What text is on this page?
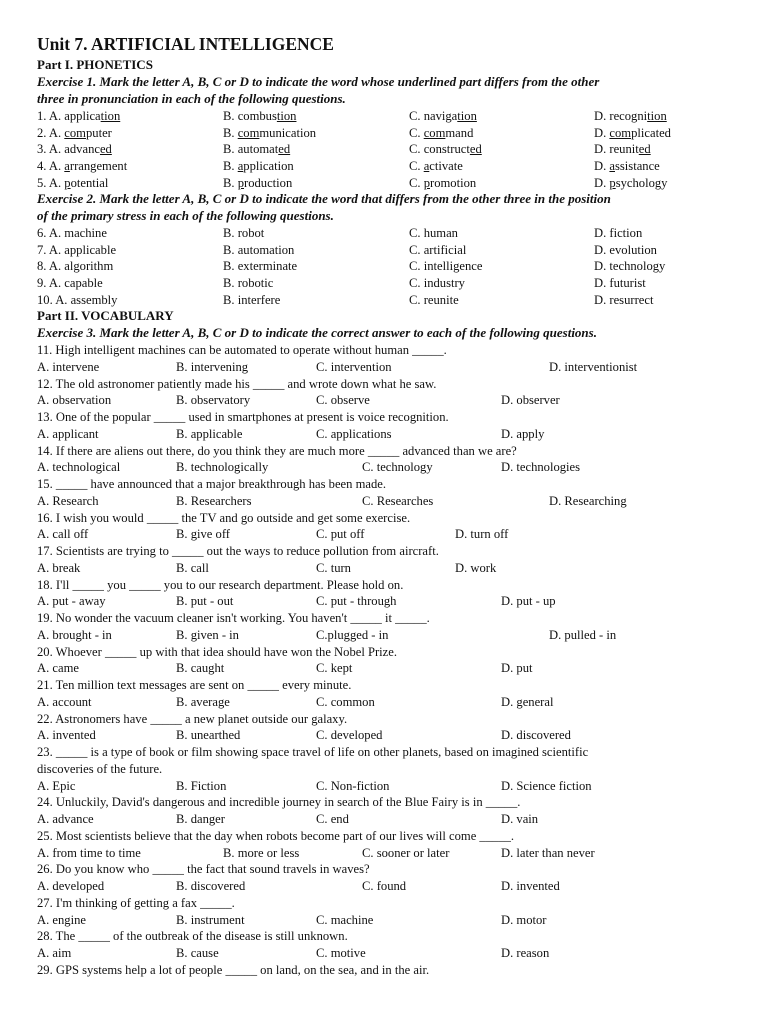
Unit 7. ARTIFICIAL INTELLIGENCE
Part I. PHONETICS
Exercise 1. Mark the letter A, B, C or D to indicate the word whose underlined part differs from the other
three in pronunciation in each of the following questions.
1. A. application	B. combustion	C. navigation	D. recognition
2. A. computer	B. communication	C. command	D. complicated
3. A. advanced	B. automated	C. constructed	D. reunited
4. A. arrangement	B. application	C. activate	D. assistance
5. A. potential	B. production	C. promotion	D. psychology
Exercise 2. Mark the letter A, B, C or D to indicate the word that differs from the other three in the position
of the primary stress in each of the following questions.
6. A. machine	B. robot	C. human	D. fiction
7. A. applicable	B. automation	C. artificial	D. evolution
8. A. algorithm	B. exterminate	C. intelligence	D. technology
9. A. capable	B. robotic	C. industry	D. futurist
10. A. assembly	B. interfere	C. reunite	D. resurrect
Part II. VOCABULARY
Exercise 3. Mark the letter A, B, C or D to indicate the correct answer to each of the following questions.
11. High intelligent machines can be automated to operate without human _____.
A. intervene	B. intervening	C. intervention	D. interventionist
12. The old astronomer patiently made his _____ and wrote down what he saw.
A. observation	B. observatory	C. observe	D. observer
13. One of the popular _____ used in smartphones at present is voice recognition.
A. applicant	B. applicable	C. applications	D. apply
14. If there are aliens out there, do you think they are much more _____ advanced than we are?
A. technological	B. technologically	C. technology	D. technologies
15. _____ have announced that a major breakthrough has been made.
A. Research	B. Researchers	C. Researches	D. Researching
16. I wish you would _____ the TV and go outside and get some exercise.
A. call off	B. give off	C. put off	D. turn off
17. Scientists are trying to _____ out the ways to reduce pollution from aircraft.
A. break	B. call	C. turn	D. work
18. I'll _____ you _____ you to our research department. Please hold on.
A. put - away	B. put - out	C. put - through	D. put - up
19. No wonder the vacuum cleaner isn't working. You haven't _____ it _____.
A. brought - in	B. given - in	C.plugged - in	D. pulled - in
20. Whoever _____ up with that idea should have won the Nobel Prize.
A. came	B. caught	C. kept	D. put
21. Ten million text messages are sent on _____ every minute.
A. account	B. average	C. common	D. general
22. Astronomers have _____ a new planet outside our galaxy.
A. invented	B. unearthed	C. developed	D. discovered
23. _____ is a type of book or film showing space travel of life on other planets, based on imagined scientific
discoveries of the future.
A. Epic	B. Fiction	C. Non-fiction	D. Science fiction
24. Unluckily, David's dangerous and incredible journey in search of the Blue Fairy is in _____.
A. advance	B. danger	C. end	D. vain
25. Most scientists believe that the day when robots become part of our lives will come _____.
A. from time to time	B. more or less	C. sooner or later	D. later than never
26. Do you know who _____ the fact that sound travels in waves?
A. developed	B. discovered	C. found	D. invented
27. I'm thinking of getting a fax _____.
A. engine	B. instrument	C. machine	D. motor
28. The _____ of the outbreak of the disease is still unknown.
A. aim	B. cause	C. motive	D. reason
29. GPS systems help a lot of people _____ on land, on the sea, and in the air.
